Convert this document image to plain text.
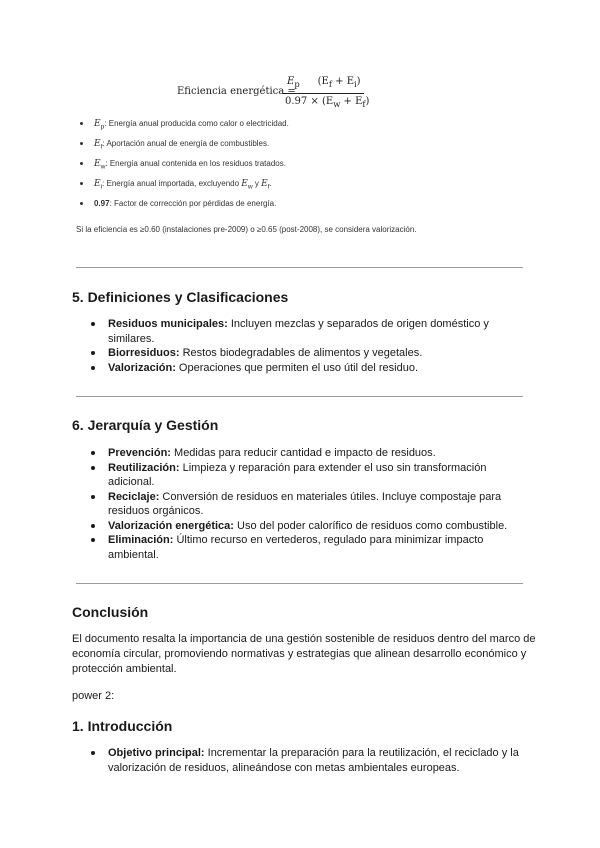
Eficiencia energética =
$E_p$ $(E_f + E_i)$
$0.97 \times (E_w + E_f)$
$E_p$: Energía anual producida como calor o electricidad.
$E_f$: Aportación anual de energía de combustibles.
$E_w$: Energía anual contenida en los residuos tratados.
$E_i$: Energía anual importada, excluyendo $E_w$ y $E_f$.
0.97: Factor de corrección por pérdidas de energía.
Si la eficiencia es ≥0.60 (instalaciones pre-2009) o ≥0.65 (post-2008), se considera valorización.
5. Definiciones y Clasificaciones
Residuos municipales: Incluyen mezclas y separados de origen doméstico y similares.
Biorresiduos: Restos biodegradables de alimentos y vegetales.
Valorización: Operaciones que permiten el uso útil del residuo.
6. Jerarquía y Gestión
Prevención: Medidas para reducir cantidad e impacto de residuos.
Reutilización: Limpieza y reparación para extender el uso sin transformación adicional.
Reciclaje: Conversión de residuos en materiales útiles. Incluye compostaje para residuos orgánicos.
Valorización energética: Uso del poder calorífico de residuos como combustible.
Eliminación: Último recurso en vertederos, regulado para minimizar impacto ambiental.
Conclusión

El documento resalta la importancia de una gestión sostenible de residuos dentro del marco de economía circular, promoviendo normativas y estrategias que alinean desarrollo económico y protección ambiental.

power 2:

1. Introducción
Objetivo principal: Incrementar la preparación para la reutilización, el reciclado y la valorización de residuos, alineándose con metas ambientales europeas.
